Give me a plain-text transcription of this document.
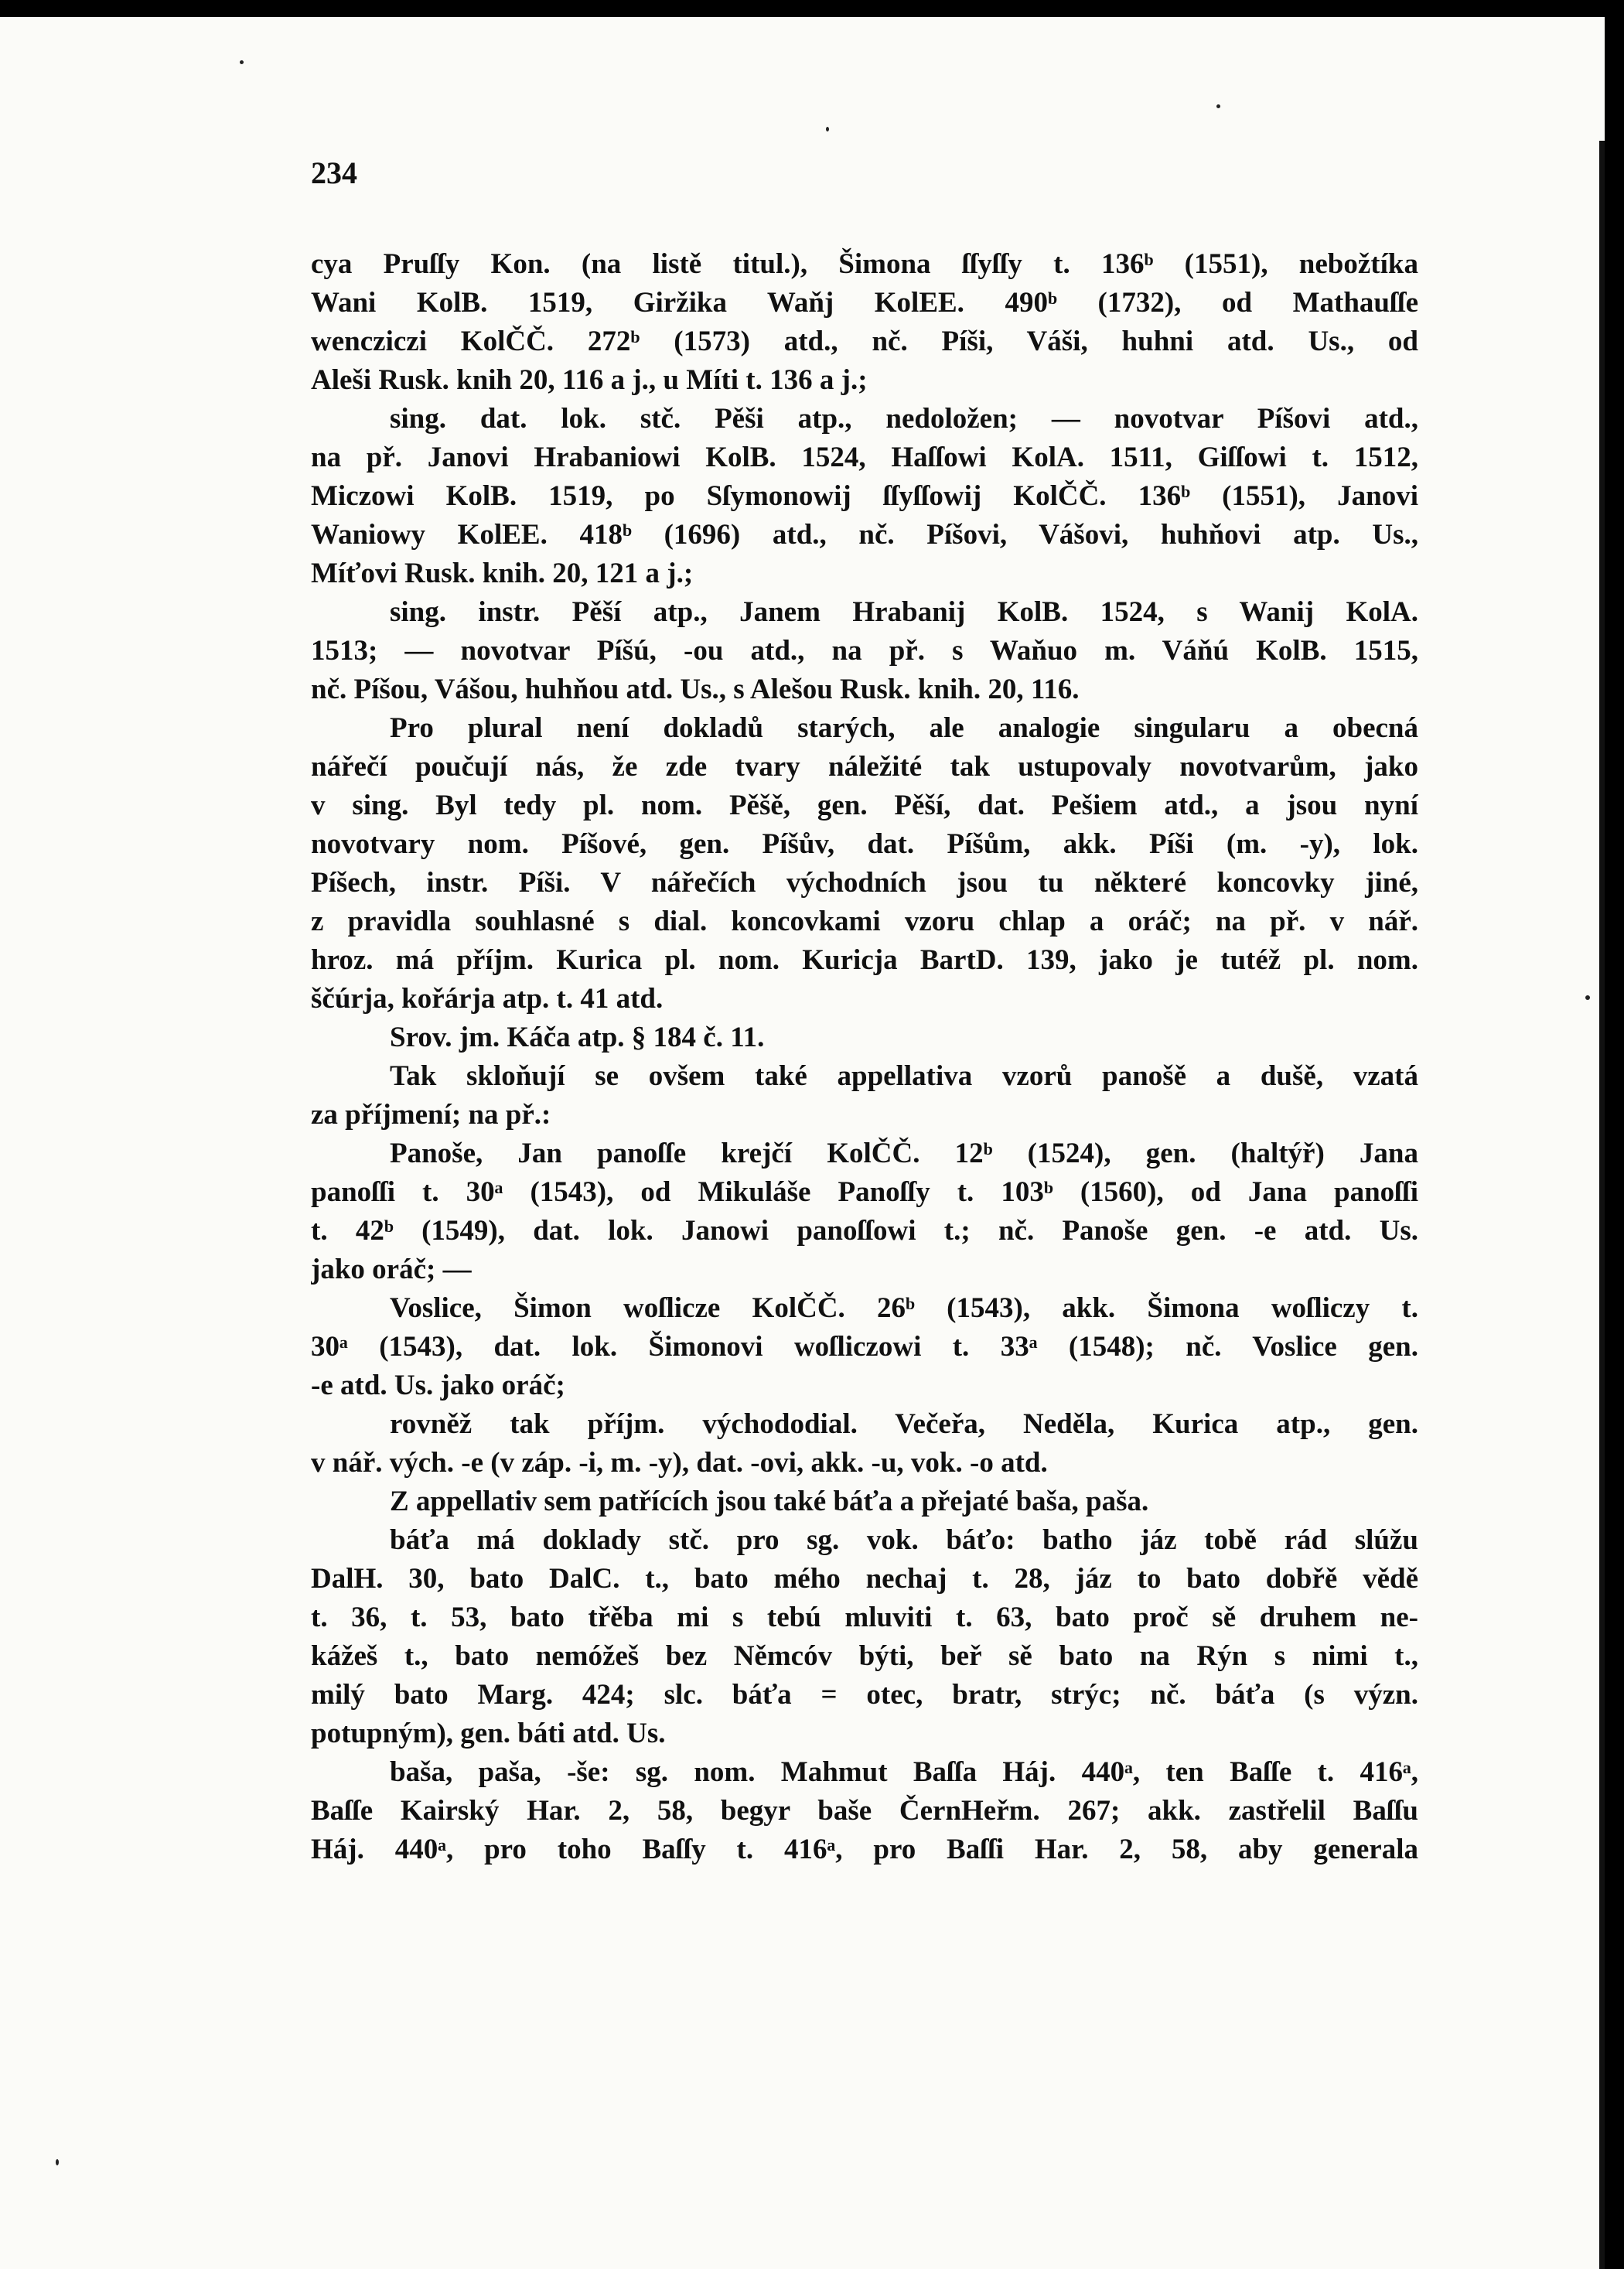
234

cya Pruſſy Kon. (na listě titul.), Šimona ſſyſſy t. 136ᵇ (1551), nebožtíka

Wani KolB. 1519, Giržika Waňj KolEE. 490ᵇ (1732), od Mathauſſe

wencziczi KolČČ. 272ᵇ (1573) atd., nč. Píši, Váši, huhni atd. Us., od

Aleši Rusk. knih 20, 116 a j., u Míti t. 136 a j.;

sing. dat. lok. stč. Pěši atp., nedoložen; — novotvar Píšovi atd.,

na př. Janovi Hrabaniowi KolB. 1524, Haſſowi KolA. 1511, Giſſowi t. 1512,

Miczowi KolB. 1519, po Sſymonowij ſſyſſowij KolČČ. 136ᵇ (1551), Janovi

Waniowy KolEE. 418ᵇ (1696) atd., nč. Píšovi, Vášovi, huhňovi atp. Us.,

Míťovi Rusk. knih. 20, 121 a j.;

sing. instr. Pěší atp., Janem Hrabanij KolB. 1524, s Wanij KolA.

1513; — novotvar Píšú, -ou atd., na př. s Waňuo m. Váňú KolB. 1515,

nč. Píšou, Vášou, huhňou atd. Us., s Alešou Rusk. knih. 20, 116.

Pro plural není dokladů starých, ale analogie singularu a obecná

nářečí poučují nás, že zde tvary náležité tak ustupovaly novotvarům, jako

v sing. Byl tedy pl. nom. Pěšě, gen. Pěší, dat. Pešiem atd., a jsou nyní

novotvary nom. Píšové, gen. Píšův, dat. Píšům, akk. Píši (m. -y), lok.

Píšech, instr. Píši. V nářečích východních jsou tu některé koncovky jiné,

z pravidla souhlasné s dial. koncovkami vzoru chlap a oráč; na př. v nář.

hroz. má příjm. Kurica pl. nom. Kuricja BartD. 139, jako je tutéž pl. nom.

ščúrja, kořárja atp. t. 41 atd.

Srov. jm. Káča atp. § 184 č. 11.

Tak skloňují se ovšem také appellativa vzorů panošě a dušě, vzatá

za příjmení; na př.:

Panoše, Jan panoſſe krejčí KolČČ. 12ᵇ (1524), gen. (haltýř) Jana

panoſſi t. 30ᵃ (1543), od Mikuláše Panoſſy t. 103ᵇ (1560), od Jana panoſſi

t. 42ᵇ (1549), dat. lok. Janowi panoſſowi t.; nč. Panoše gen. -e atd. Us.

jako oráč; —

Voslice, Šimon woſlicze KolČČ. 26ᵇ (1543), akk. Šimona woſliczy t.

30ᵃ (1543), dat. lok. Šimonovi woſliczowi t. 33ᵃ (1548); nč. Voslice gen.

-e atd. Us. jako oráč;

rovněž tak příjm. východodial. Večeřa, Neděla, Kurica atp., gen.

v nář. vých. -e (v záp. -i, m. -y), dat. -ovi, akk. -u, vok. -o atd.

Z appellativ sem patřících jsou také báťa a přejaté baša, paša.

báťa má doklady stč. pro sg. vok. báťo: batho jáz tobě rád slúžu

DalH. 30, bato DalC. t., bato mého nechaj t. 28, jáz to bato dobřě vědě

t. 36, t. 53, bato třěba mi s tebú mluviti t. 63, bato proč sě druhem ne-

kážeš t., bato nemóžeš bez Němcóv býti, beř sě bato na Rýn s nimi t.,

milý bato Marg. 424; slc. báťa = otec, bratr, strýc; nč. báťa (s význ.

potupným), gen. báti atd. Us.

baša, paša, -še: sg. nom. Mahmut Baſſa Háj. 440ᵃ, ten Baſſe t. 416ᵃ,

Baſſe Kairský Har. 2, 58, begyr baše ČernHeřm. 267; akk. zastřelil Baſſu

Háj. 440ᵃ, pro toho Baſſy t. 416ᵃ, pro Baſſi Har. 2, 58, aby generala
